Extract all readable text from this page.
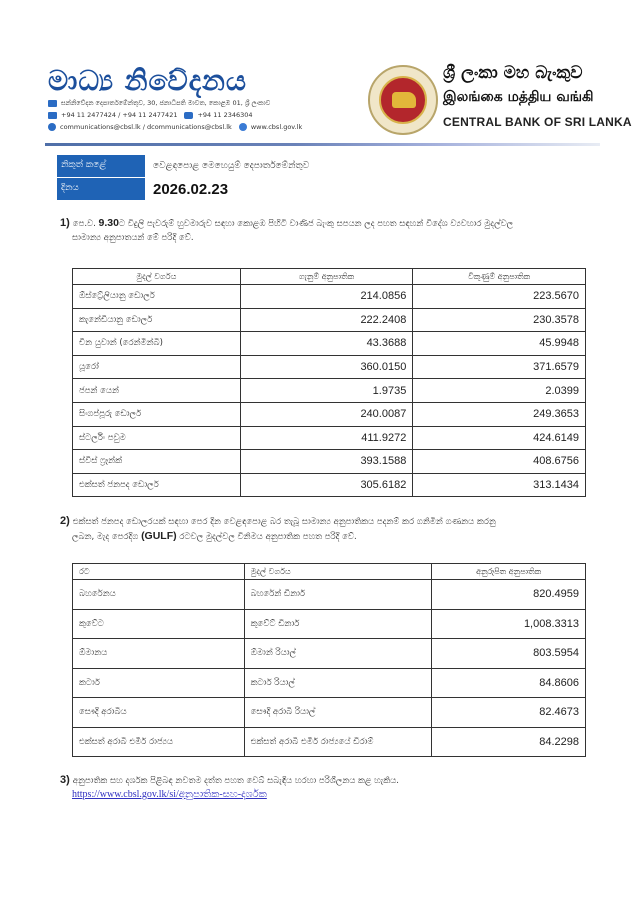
මාධ්‍ය නිවේදනය
සන්නිවේදන දෙපාර්තමේන්තුව, 30, ජනාධිපති මාවත, කොළඹ 01, ශ්‍රී ලංකාව
+94 11 2477424 / +94 11 2477421	+94 11 2346304
communications@cbsl.lk / dcommunications@cbsl.lk	www.cbsl.gov.lk
ශ්‍රී ලංකා මහ බැංකුව
இலங்கை மத்திய வங்கி
CENTRAL BANK OF SRI LANKA
නිකුත් කළේ	වෙළඳපොළ මෙහෙයුම් දෙපාර්තමේන්තුව
දිනය	2026.02.23
1) පෙ.ව. 9.30ට විදුලි පැවරුම් හුවමාරුව සඳහා කොළඹ පිහිටි වාණිජ බැංකු සපයන ලද පහත සඳහන් විදේශ ව්‍යවහාර මුදල්වල
සාමාන්‍ය අනුපාතයන් මේ පරිදි වේ.
මුදල් වර්ගය	ගැනුම් අනුපාතික	විකුණුම් අනුපාතික
ඕස්ට්‍රේලියානු ඩොලර්	214.0856	223.5670
කැනේඩියානු ඩොලර්	222.2408	230.3578
චීන යුවාන් (රෙන්මින්බි)	43.3688	45.9948
යූරෝ	360.0150	371.6579
ජපන් යෙන්	1.9735	2.0399
සිංගප්පූරු ඩොලර්	240.0087	249.3653
ස්ටර්ලිං පවුම	411.9272	424.6149
ස්විස් ෆ්‍රෑන්ක්	393.1588	408.6756
එක්සත් ජනපද ඩොලර්	305.6182	313.1434
2) එක්සත් ජනපද ඩොලරයක් සඳහා පෙර දින වෙළඳපොළ බර තැබූ සාමාන්‍ය අනුපාතිකය පදනම් කර ගනිමින් ගණනය කරනු
ලබන, මැද පෙරදිග (GULF) රටවල මුදල්වල විනිමය අනුපාතික පහත පරිදි වේ.
රට	මුදල් වර්ගය	අනුරූපිත අනුපාතික
බහරේනය	බහරේන් ඩිනාර්	820.4959
කුවේට	කුවේට් ඩිනාර්	1,008.3313
ඕමානය	ඕමාන් රියාල්	803.5954
කටාර්	කටාර් රියාල්	84.8606
සෞදි අරාබිය	සෞදි අරාබි රියාල්	82.4673
එක්සත් අරාබි එමීර් රාජ්‍යය	එක්සත් අරාබි එමීර් රාජ්‍යයේ ඩිරාම්	84.2298
3) අනුපාතික සහ දර්ශක පිළිබඳ නවතම දත්ත පහත වෙබ් සබැඳිය හරහා පරිශීලනය කළ හැකිය.
https://www.cbsl.gov.lk/si/අනුපාතික-සහ-දර්ශක
